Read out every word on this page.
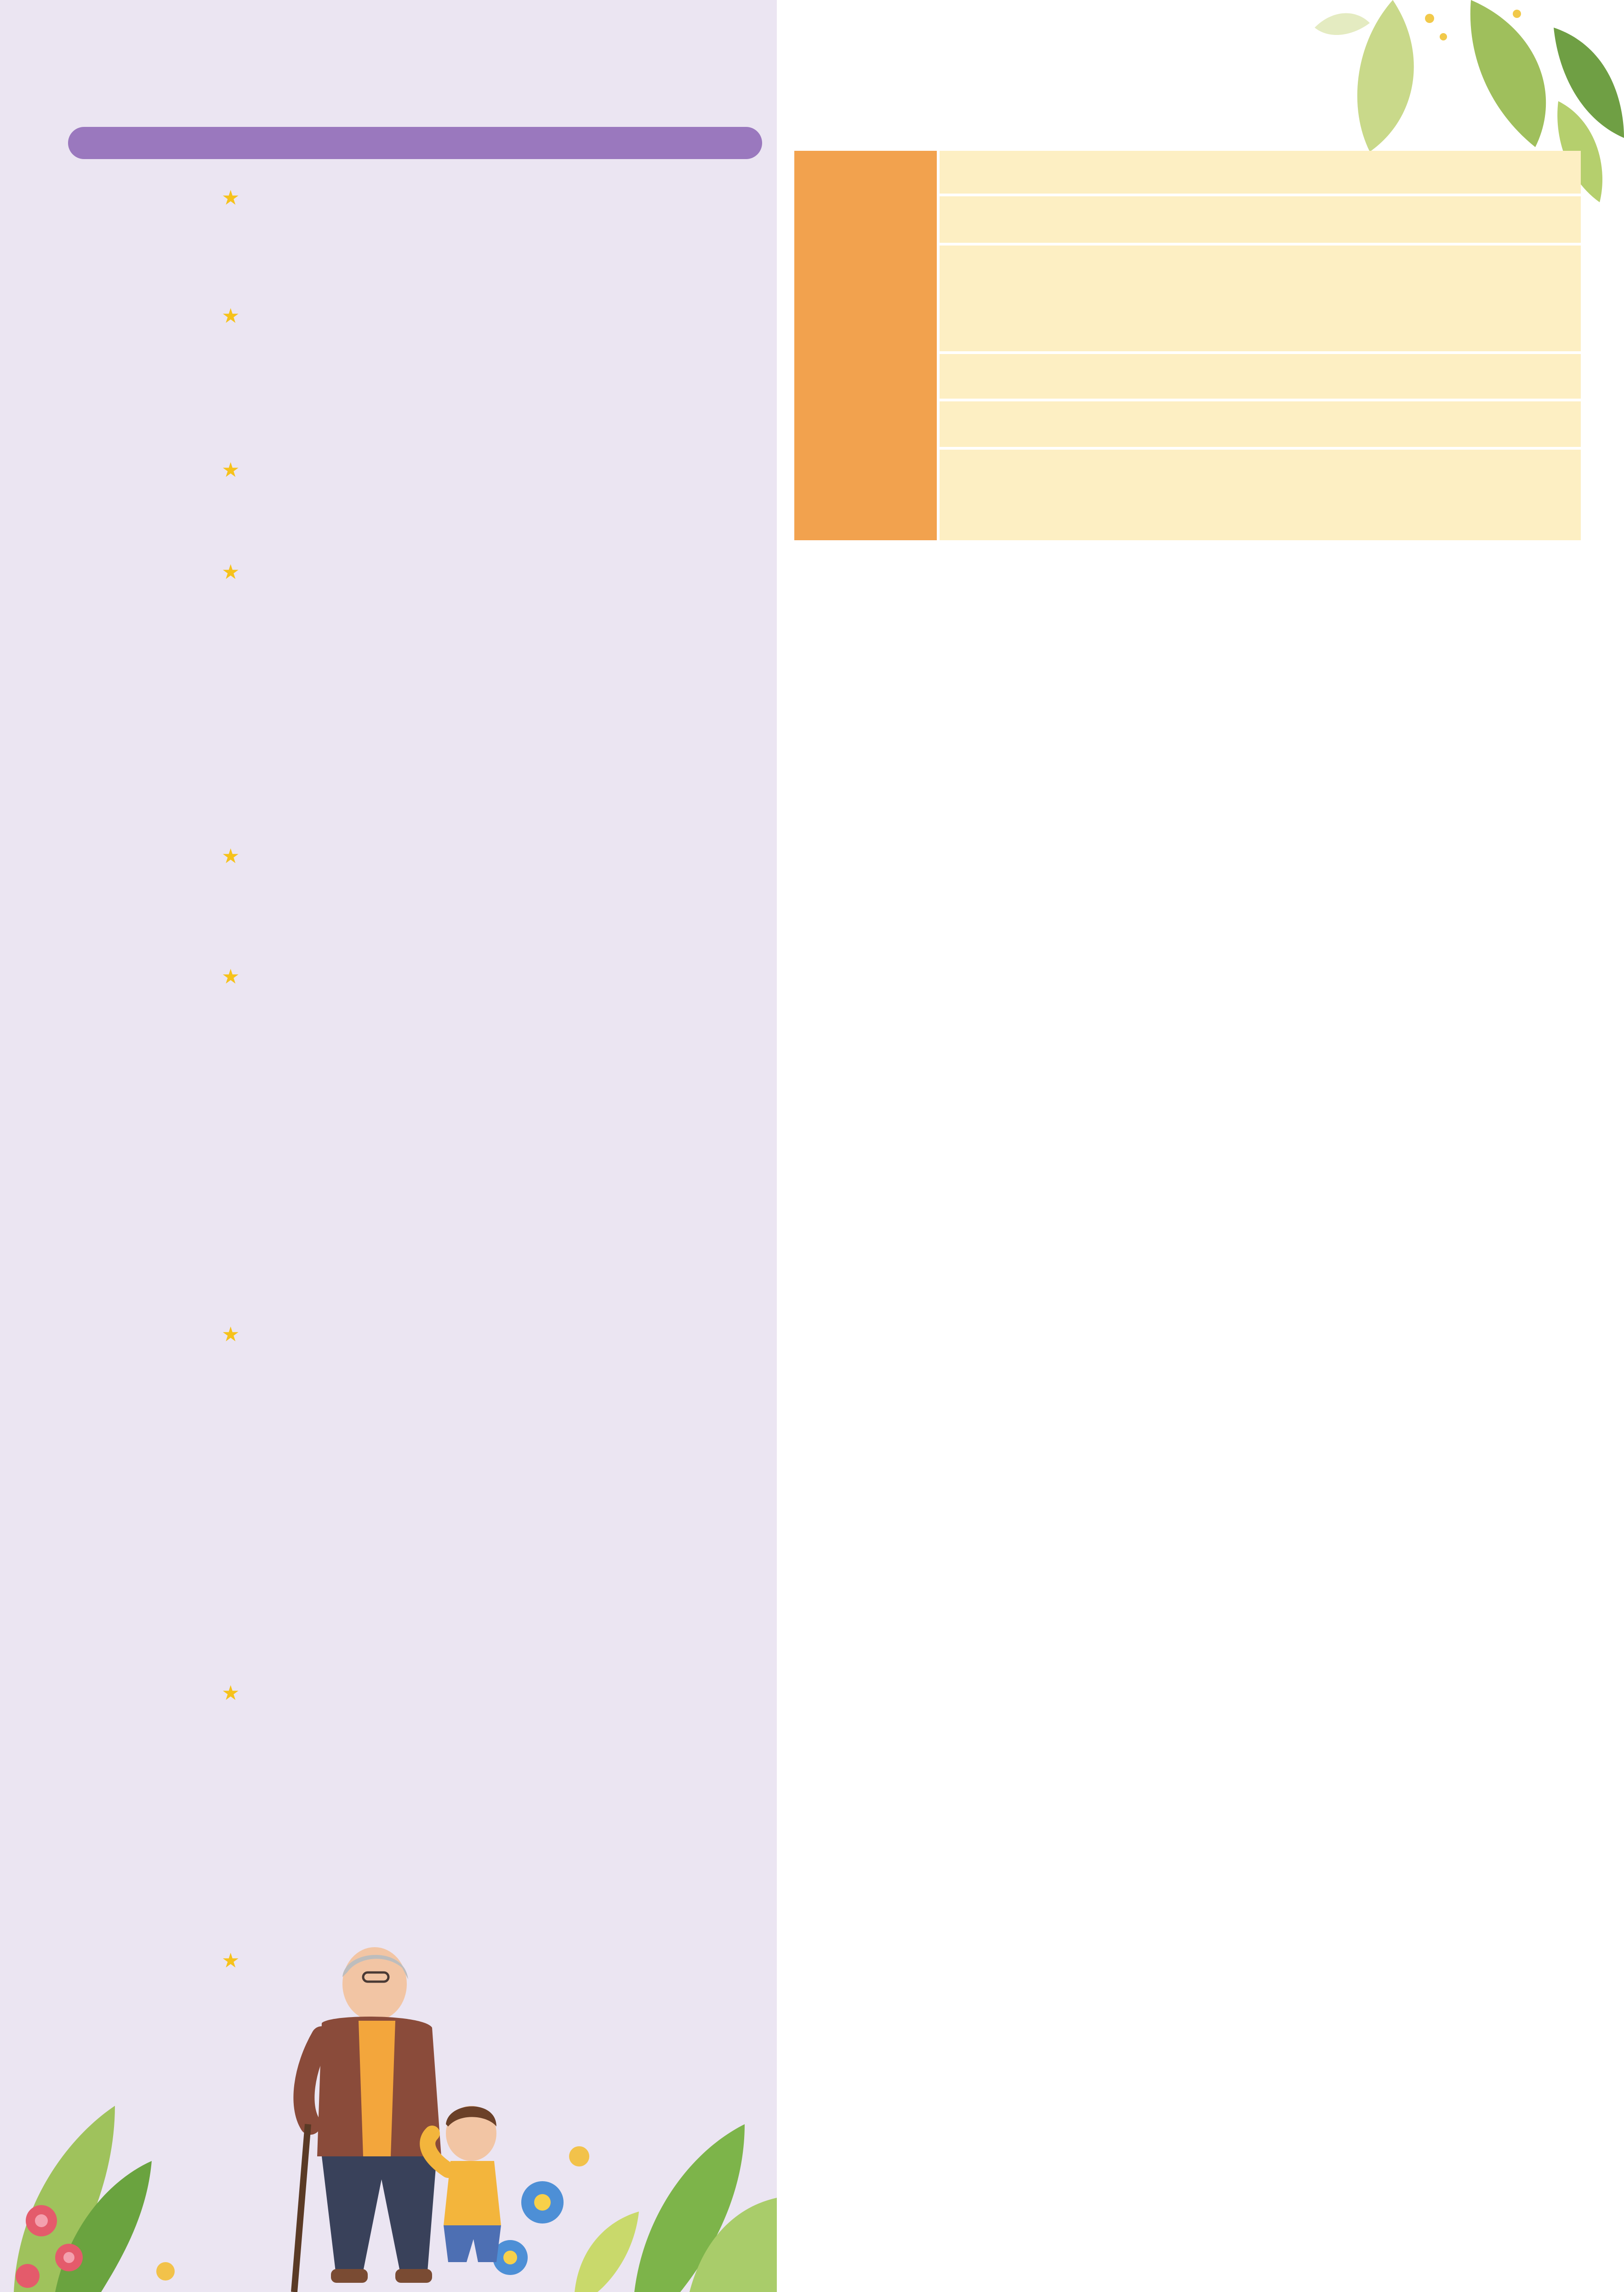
★

★

★

★

★

★

★

★

★
